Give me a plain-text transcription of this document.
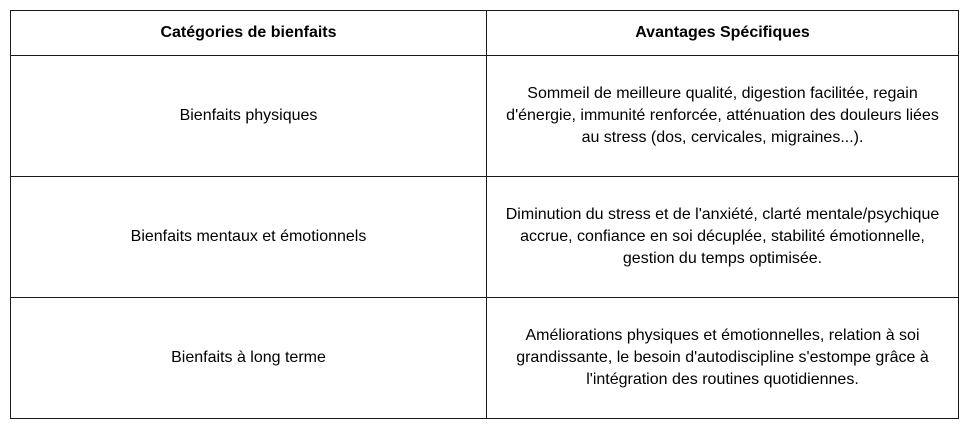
Catégories de bienfaits	Avantages Spécifiques
Bienfaits physiques	Sommeil de meilleure qualité, digestion facilitée, regain d'énergie, immunité renforcée, atténuation des douleurs liées au stress (dos, cervicales, migraines...).
Bienfaits mentaux et émotionnels	Diminution du stress et de l'anxiété, clarté mentale/psychique accrue, confiance en soi décuplée, stabilité émotionnelle, gestion du temps optimisée.
Bienfaits à long terme	Améliorations physiques et émotionnelles, relation à soi grandissante, le besoin d'autodiscipline s'estompe grâce à l'intégration des routines quotidiennes.
